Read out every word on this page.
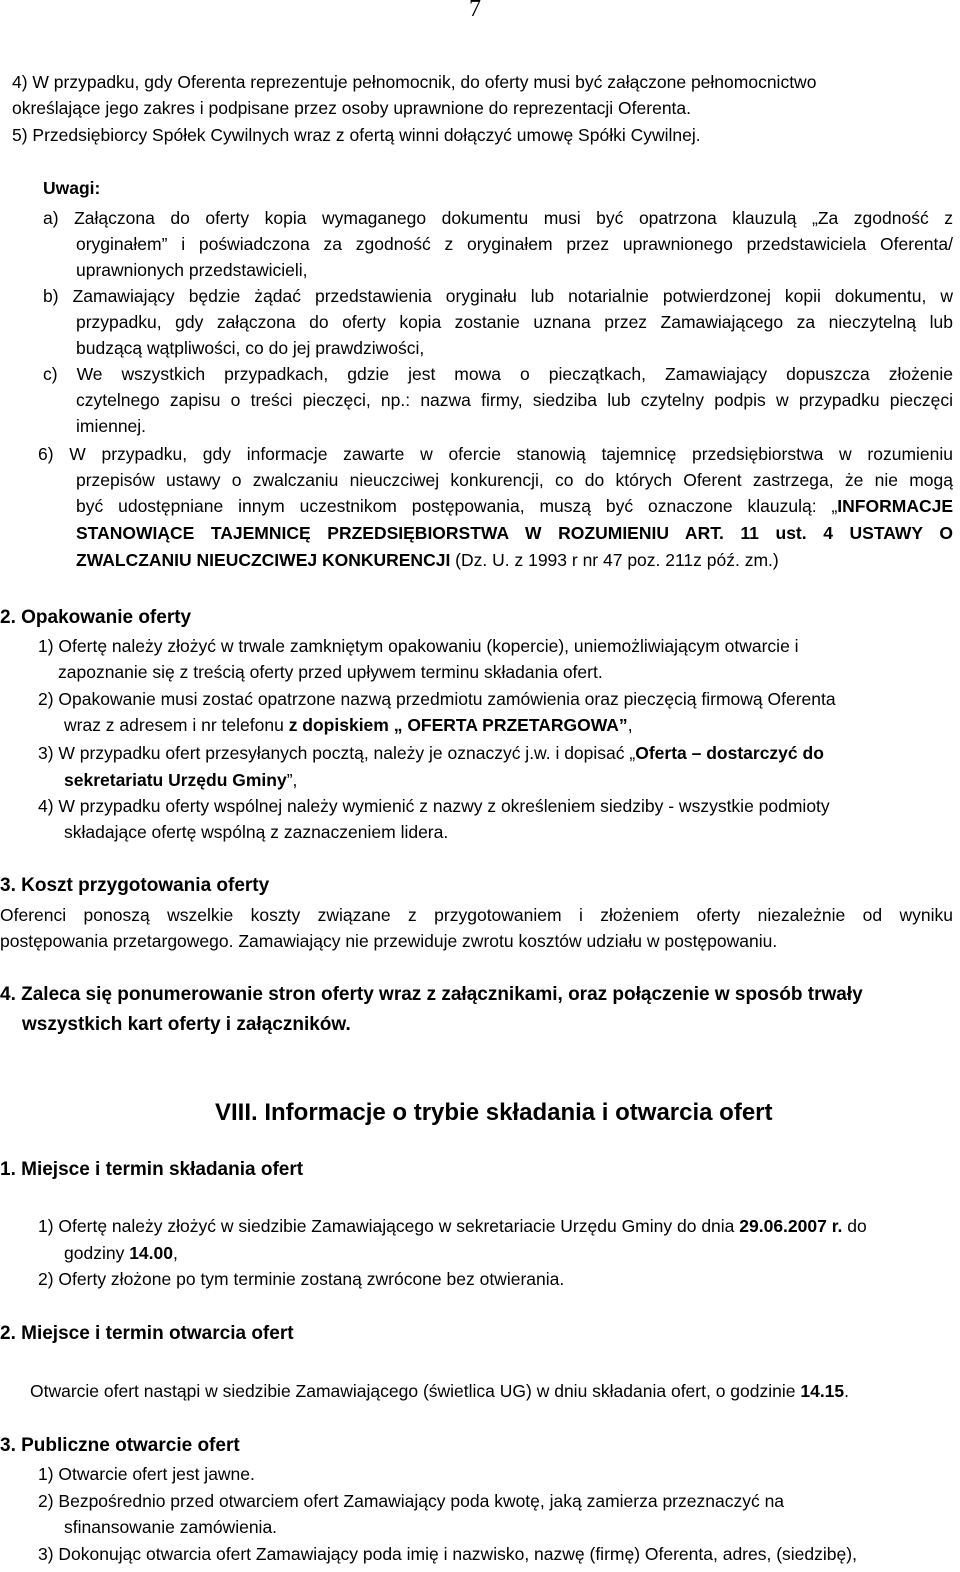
7
4) W przypadku, gdy Oferenta reprezentuje pełnomocnik, do oferty musi być załączone pełnomocnictwo
określające jego zakres i podpisane przez osoby uprawnione do reprezentacji Oferenta.
5) Przedsiębiorcy Spółek Cywilnych wraz z ofertą winni dołączyć umowę Spółki Cywilnej.
Uwagi:
a) Załączona do oferty kopia wymaganego dokumentu musi być opatrzona klauzulą „Za zgodność z
oryginałem” i poświadczona za zgodność z oryginałem przez uprawnionego przedstawiciela Oferenta/
uprawnionych przedstawicieli,
b) Zamawiający będzie żądać przedstawienia oryginału lub notarialnie potwierdzonej kopii dokumentu, w
przypadku, gdy załączona do oferty kopia zostanie uznana przez Zamawiającego za nieczytelną lub
budzącą wątpliwości, co do jej prawdziwości,
c) We wszystkich przypadkach, gdzie jest mowa o pieczątkach, Zamawiający dopuszcza złożenie
czytelnego zapisu o treści pieczęci, np.: nazwa firmy, siedziba lub czytelny podpis w przypadku pieczęci
imiennej.
6) W przypadku, gdy informacje zawarte w ofercie stanowią tajemnicę przedsiębiorstwa w rozumieniu
przepisów ustawy o zwalczaniu nieuczciwej konkurencji, co do których Oferent zastrzega, że nie mogą
być udostępniane innym uczestnikom postępowania, muszą być oznaczone klauzulą: „INFORMACJE
STANOWIĄCE TAJEMNICĘ PRZEDSIĘBIORSTWA W ROZUMIENIU ART. 11 ust. 4 USTAWY O
ZWALCZANIU NIEUCZCIWEJ KONKURENCJI (Dz. U. z 1993 r nr 47 poz. 211z póź. zm.)
2. Opakowanie oferty
1) Ofertę należy złożyć w trwale zamkniętym opakowaniu (kopercie), uniemożliwiającym otwarcie i
zapoznanie się z treścią oferty przed upływem terminu składania ofert.
2) Opakowanie musi zostać opatrzone nazwą przedmiotu zamówienia oraz pieczęcią firmową Oferenta
wraz z adresem i nr telefonu z dopiskiem „ OFERTA PRZETARGOWA”,
3) W przypadku ofert przesyłanych pocztą, należy je oznaczyć j.w. i dopisać „Oferta – dostarczyć do
sekretariatu Urzędu Gminy”,
4) W przypadku oferty wspólnej należy wymienić z nazwy z określeniem siedziby - wszystkie podmioty
składające ofertę wspólną z zaznaczeniem lidera.
3. Koszt przygotowania oferty
Oferenci ponoszą wszelkie koszty związane z przygotowaniem i złożeniem oferty niezależnie od wyniku
postępowania przetargowego. Zamawiający nie przewiduje zwrotu kosztów udziału w postępowaniu.
4. Zaleca się ponumerowanie stron oferty wraz z załącznikami, oraz połączenie w sposób trwały
wszystkich kart oferty i załączników.
VIII. Informacje o trybie składania i otwarcia ofert
1. Miejsce i termin składania ofert
1) Ofertę należy złożyć w siedzibie Zamawiającego w sekretariacie Urzędu Gminy do dnia 29.06.2007 r. do
godziny 14.00,
2) Oferty złożone po tym terminie zostaną zwrócone bez otwierania.
2. Miejsce i termin otwarcia ofert
Otwarcie ofert nastąpi w siedzibie Zamawiającego (świetlica UG) w dniu składania ofert, o godzinie 14.15.
3. Publiczne otwarcie ofert
1) Otwarcie ofert jest jawne.
2) Bezpośrednio przed otwarciem ofert Zamawiający poda kwotę, jaką zamierza przeznaczyć na
sfinansowanie zamówienia.
3) Dokonując otwarcia ofert Zamawiający poda imię i nazwisko, nazwę (firmę) Oferenta, adres, (siedzibę),
